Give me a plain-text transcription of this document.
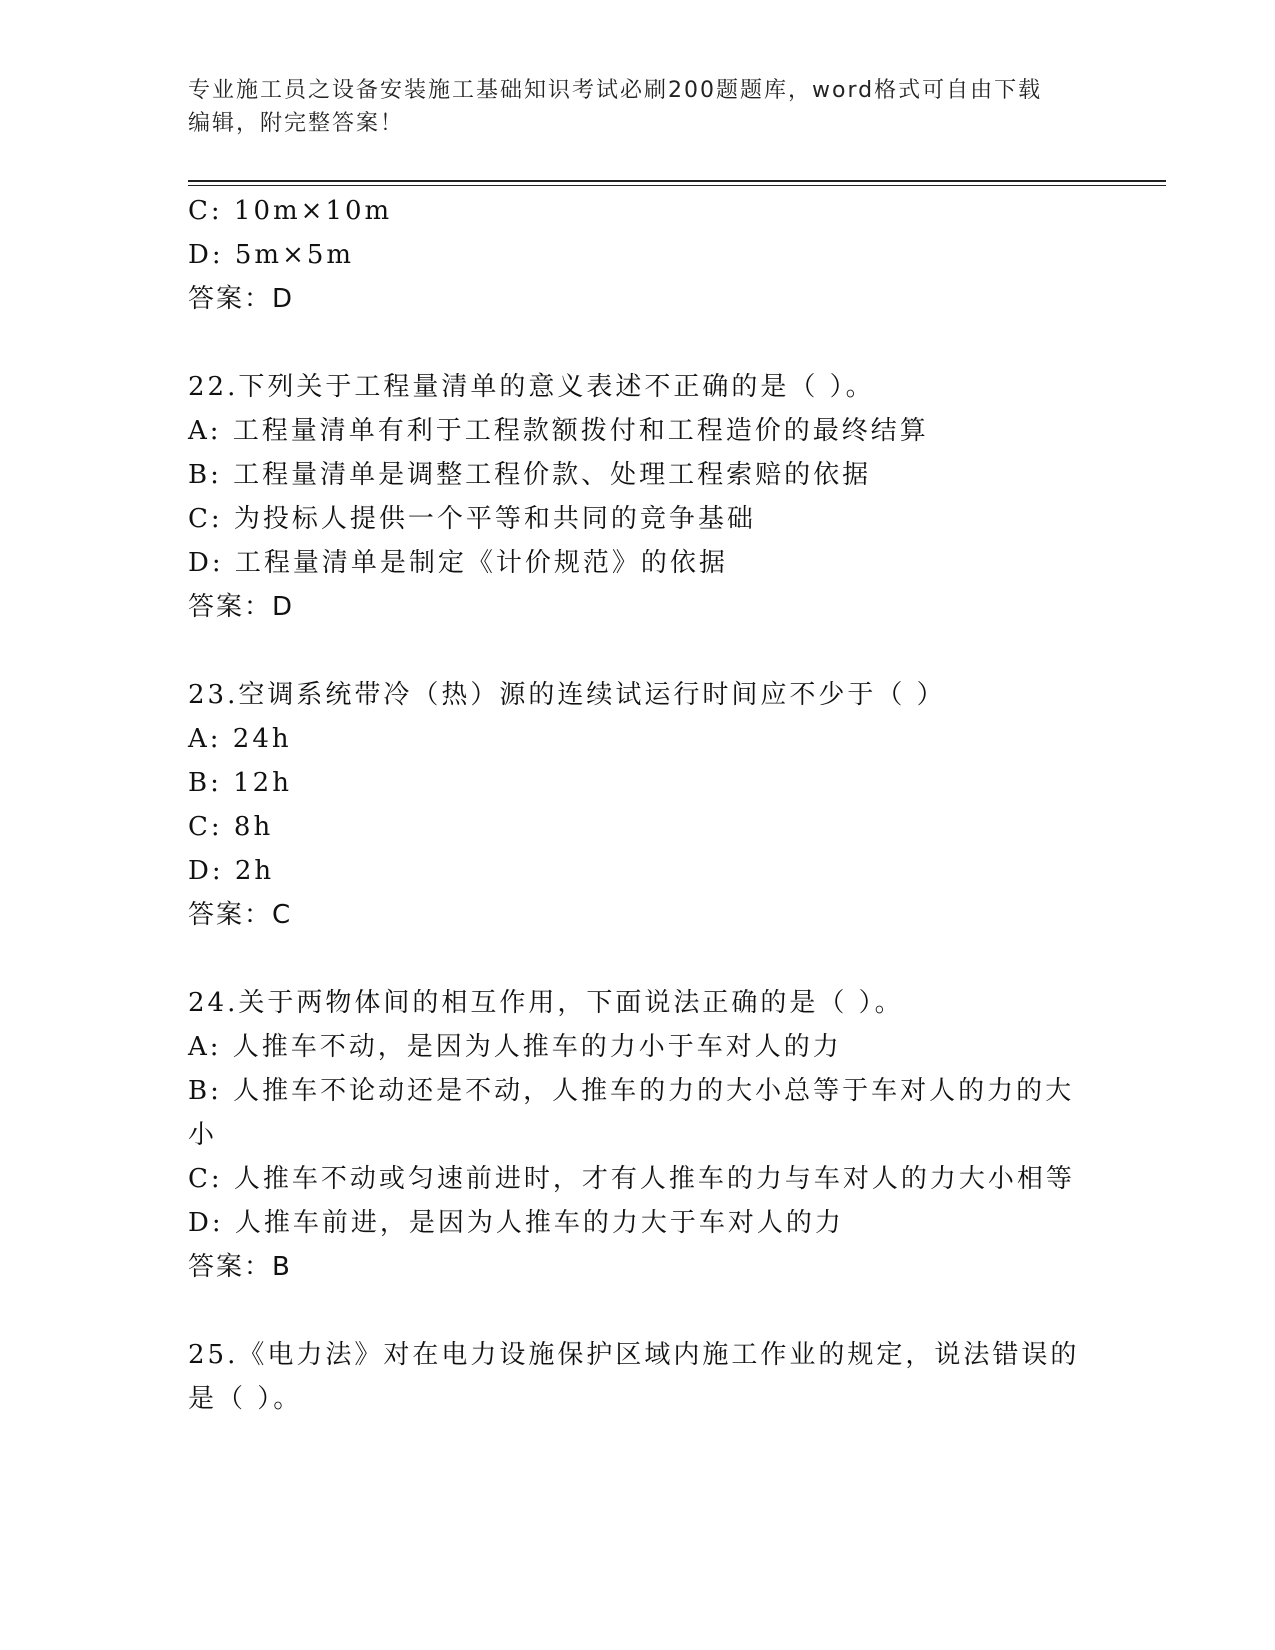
专业施工员之设备安装施工基础知识考试必刷200题题库，word格式可自由下载
编辑，附完整答案！
C: 10m×10m
D: 5m×5m
答案：D
22.下列关于工程量清单的意义表述不正确的是（ ）。
A: 工程量清单有利于工程款额拨付和工程造价的最终结算
B: 工程量清单是调整工程价款、处理工程索赔的依据
C: 为投标人提供一个平等和共同的竞争基础
D: 工程量清单是制定《计价规范》的依据
答案：D
23.空调系统带冷（热）源的连续试运行时间应不少于（ ）
A: 24h
B: 12h
C: 8h
D: 2h
答案：C
24.关于两物体间的相互作用，下面说法正确的是（ ）。
A: 人推车不动，是因为人推车的力小于车对人的力
B: 人推车不论动还是不动，人推车的力的大小总等于车对人的力的大
小
C: 人推车不动或匀速前进时，才有人推车的力与车对人的力大小相等
D: 人推车前进，是因为人推车的力大于车对人的力
答案：B
25.《电力法》对在电力设施保护区域内施工作业的规定，说法错误的
是（ ）。
